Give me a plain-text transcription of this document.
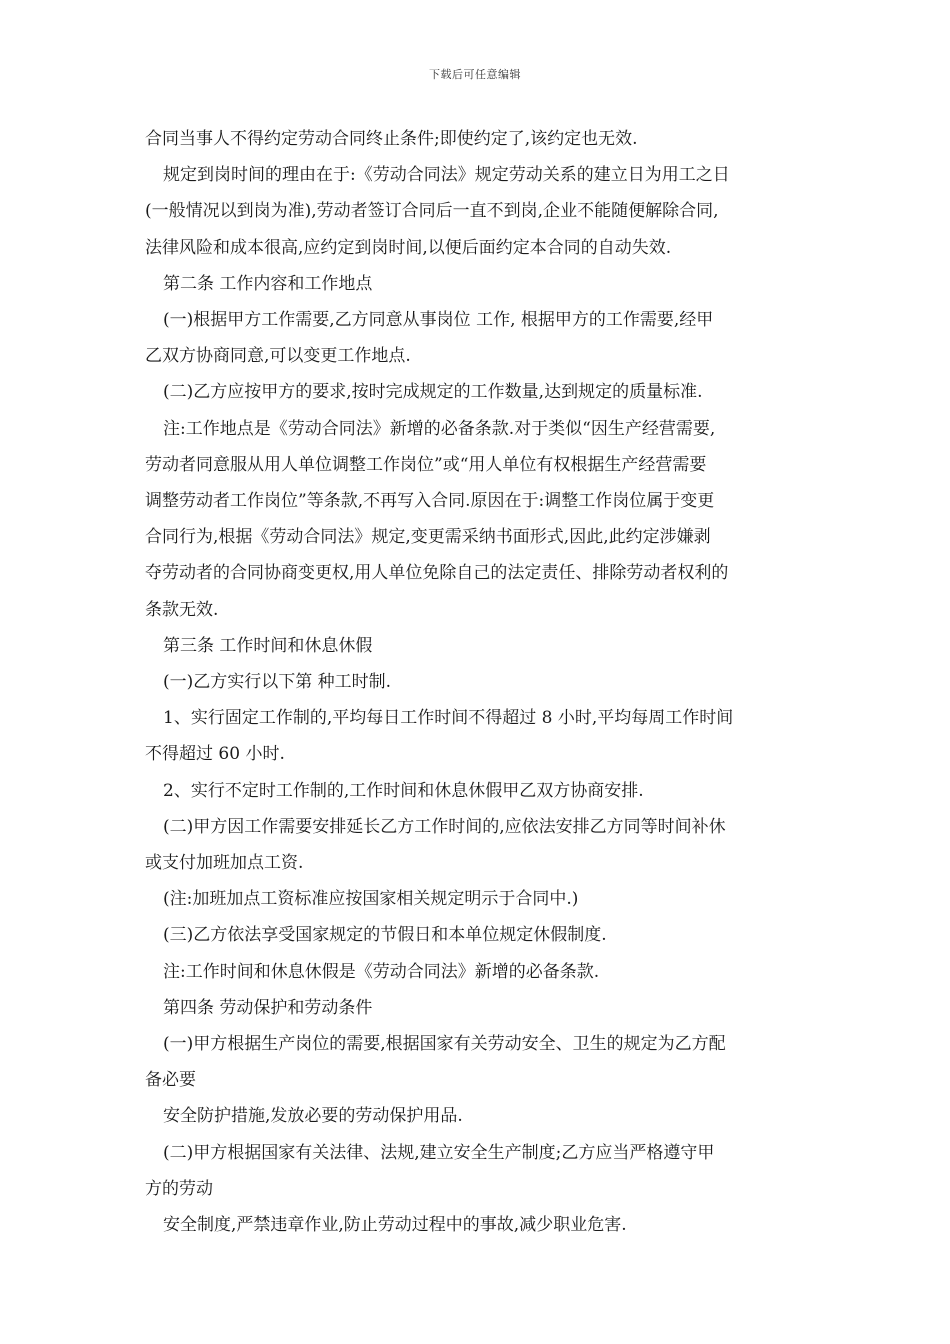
下载后可任意编辑

合同当事人不得约定劳动合同终止条件;即使约定了,该约定也无效.

规定到岗时间的理由在于:《劳动合同法》规定劳动关系的建立日为用工之日

(一般情况以到岗为准),劳动者签订合同后一直不到岗,企业不能随便解除合同,

法律风险和成本很高,应约定到岗时间,以便后面约定本合同的自动失效.

第二条 工作内容和工作地点

(一)根据甲方工作需要,乙方同意从事岗位 工作, 根据甲方的工作需要,经甲

乙双方协商同意,可以变更工作地点.

(二)乙方应按甲方的要求,按时完成规定的工作数量,达到规定的质量标准.

注:工作地点是《劳动合同法》新增的必备条款.对于类似“因生产经营需要,

劳动者同意服从用人单位调整工作岗位”或“用人单位有权根据生产经营需要

调整劳动者工作岗位”等条款,不再写入合同.原因在于:调整工作岗位属于变更

合同行为,根据《劳动合同法》规定,变更需采纳书面形式,因此,此约定涉嫌剥

夺劳动者的合同协商变更权,用人单位免除自己的法定责任、排除劳动者权利的

条款无效.

第三条 工作时间和休息休假

(一)乙方实行以下第 种工时制.

1、实行固定工作制的,平均每日工作时间不得超过 8 小时,平均每周工作时间

不得超过 60 小时.

2、实行不定时工作制的,工作时间和休息休假甲乙双方协商安排.

(二)甲方因工作需要安排延长乙方工作时间的,应依法安排乙方同等时间补休

或支付加班加点工资.

(注:加班加点工资标准应按国家相关规定明示于合同中.)

(三)乙方依法享受国家规定的节假日和本单位规定休假制度.

注:工作时间和休息休假是《劳动合同法》新增的必备条款.

第四条 劳动保护和劳动条件

(一)甲方根据生产岗位的需要,根据国家有关劳动安全、卫生的规定为乙方配

备必要

安全防护措施,发放必要的劳动保护用品.

(二)甲方根据国家有关法律、法规,建立安全生产制度;乙方应当严格遵守甲

方的劳动

安全制度,严禁违章作业,防止劳动过程中的事故,减少职业危害.
